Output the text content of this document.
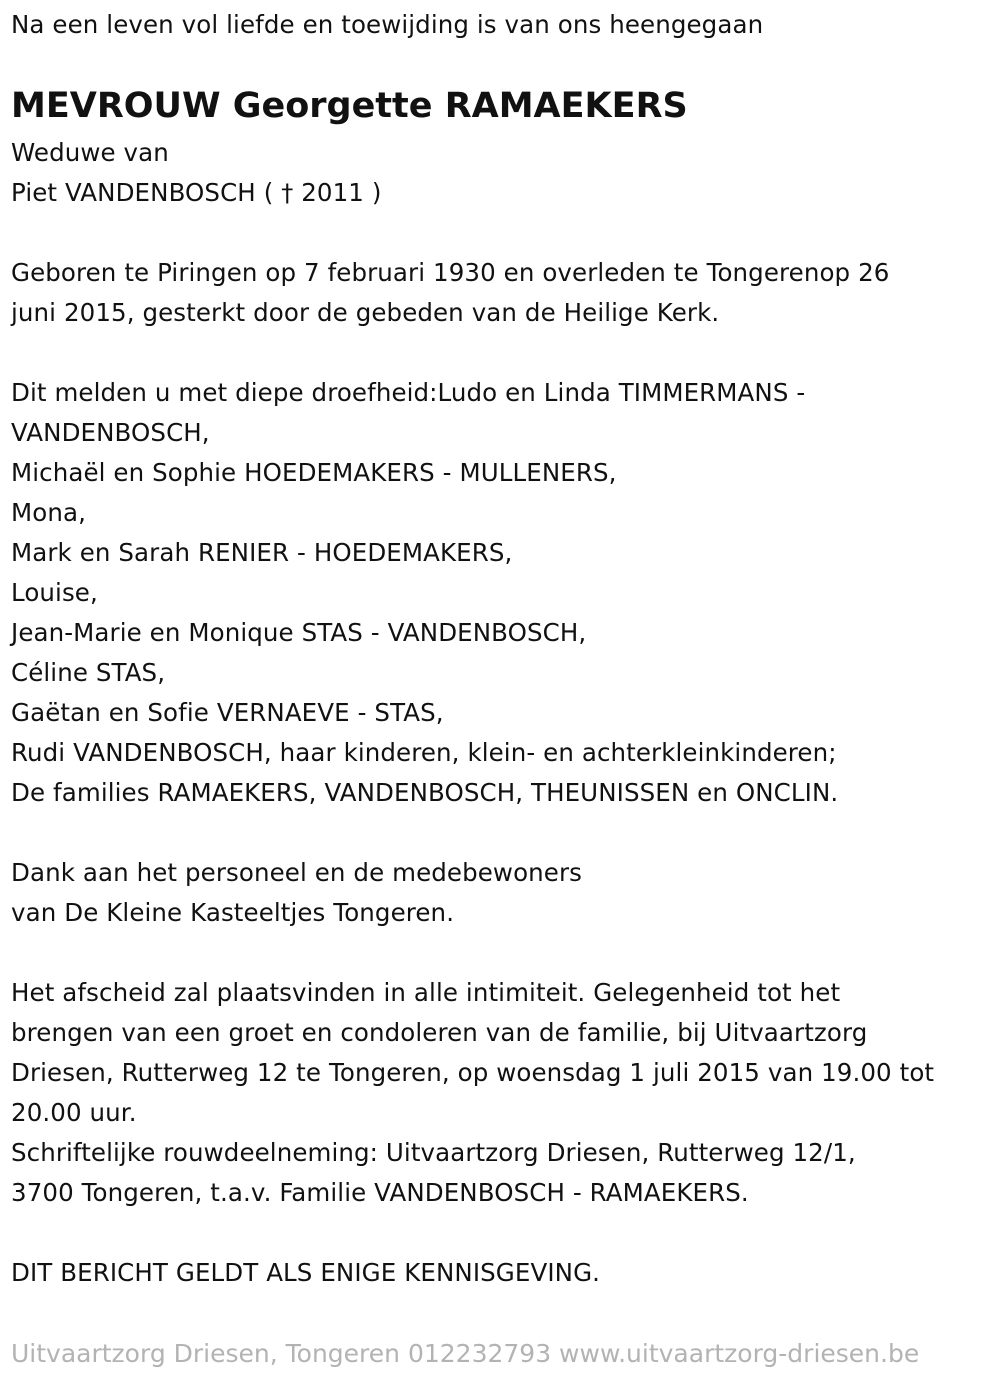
Na een leven vol liefde en toewijding is van ons heengegaan
MEVROUW Georgette RAMAEKERS
Weduwe van
Piet VANDENBOSCH ( † 2011 )
Geboren te Piringen op 7 februari 1930 en overleden te Tongerenop 26
juni 2015, gesterkt door de gebeden van de Heilige Kerk.
Dit melden u met diepe droefheid:Ludo en Linda TIMMERMANS -
VANDENBOSCH,
Michaël en Sophie HOEDEMAKERS - MULLENERS,
Mona,
Mark en Sarah RENIER - HOEDEMAKERS,
Louise,
Jean-Marie en Monique STAS - VANDENBOSCH,
Céline STAS,
Gaëtan en Sofie VERNAEVE - STAS,
Rudi VANDENBOSCH, haar kinderen, klein- en achterkleinkinderen;
De families RAMAEKERS, VANDENBOSCH, THEUNISSEN en ONCLIN.
Dank aan het personeel en de medebewoners
van De Kleine Kasteeltjes Tongeren.
Het afscheid zal plaatsvinden in alle intimiteit. Gelegenheid tot het
brengen van een groet en condoleren van de familie, bij Uitvaartzorg
Driesen, Rutterweg 12 te Tongeren, op woensdag 1 juli 2015 van 19.00 tot
20.00 uur.
Schriftelijke rouwdeelneming: Uitvaartzorg Driesen, Rutterweg 12/1,
3700 Tongeren, t.a.v. Familie VANDENBOSCH - RAMAEKERS.
DIT BERICHT GELDT ALS ENIGE KENNISGEVING.
Uitvaartzorg Driesen, Tongeren 012232793 www.uitvaartzorg-driesen.be
